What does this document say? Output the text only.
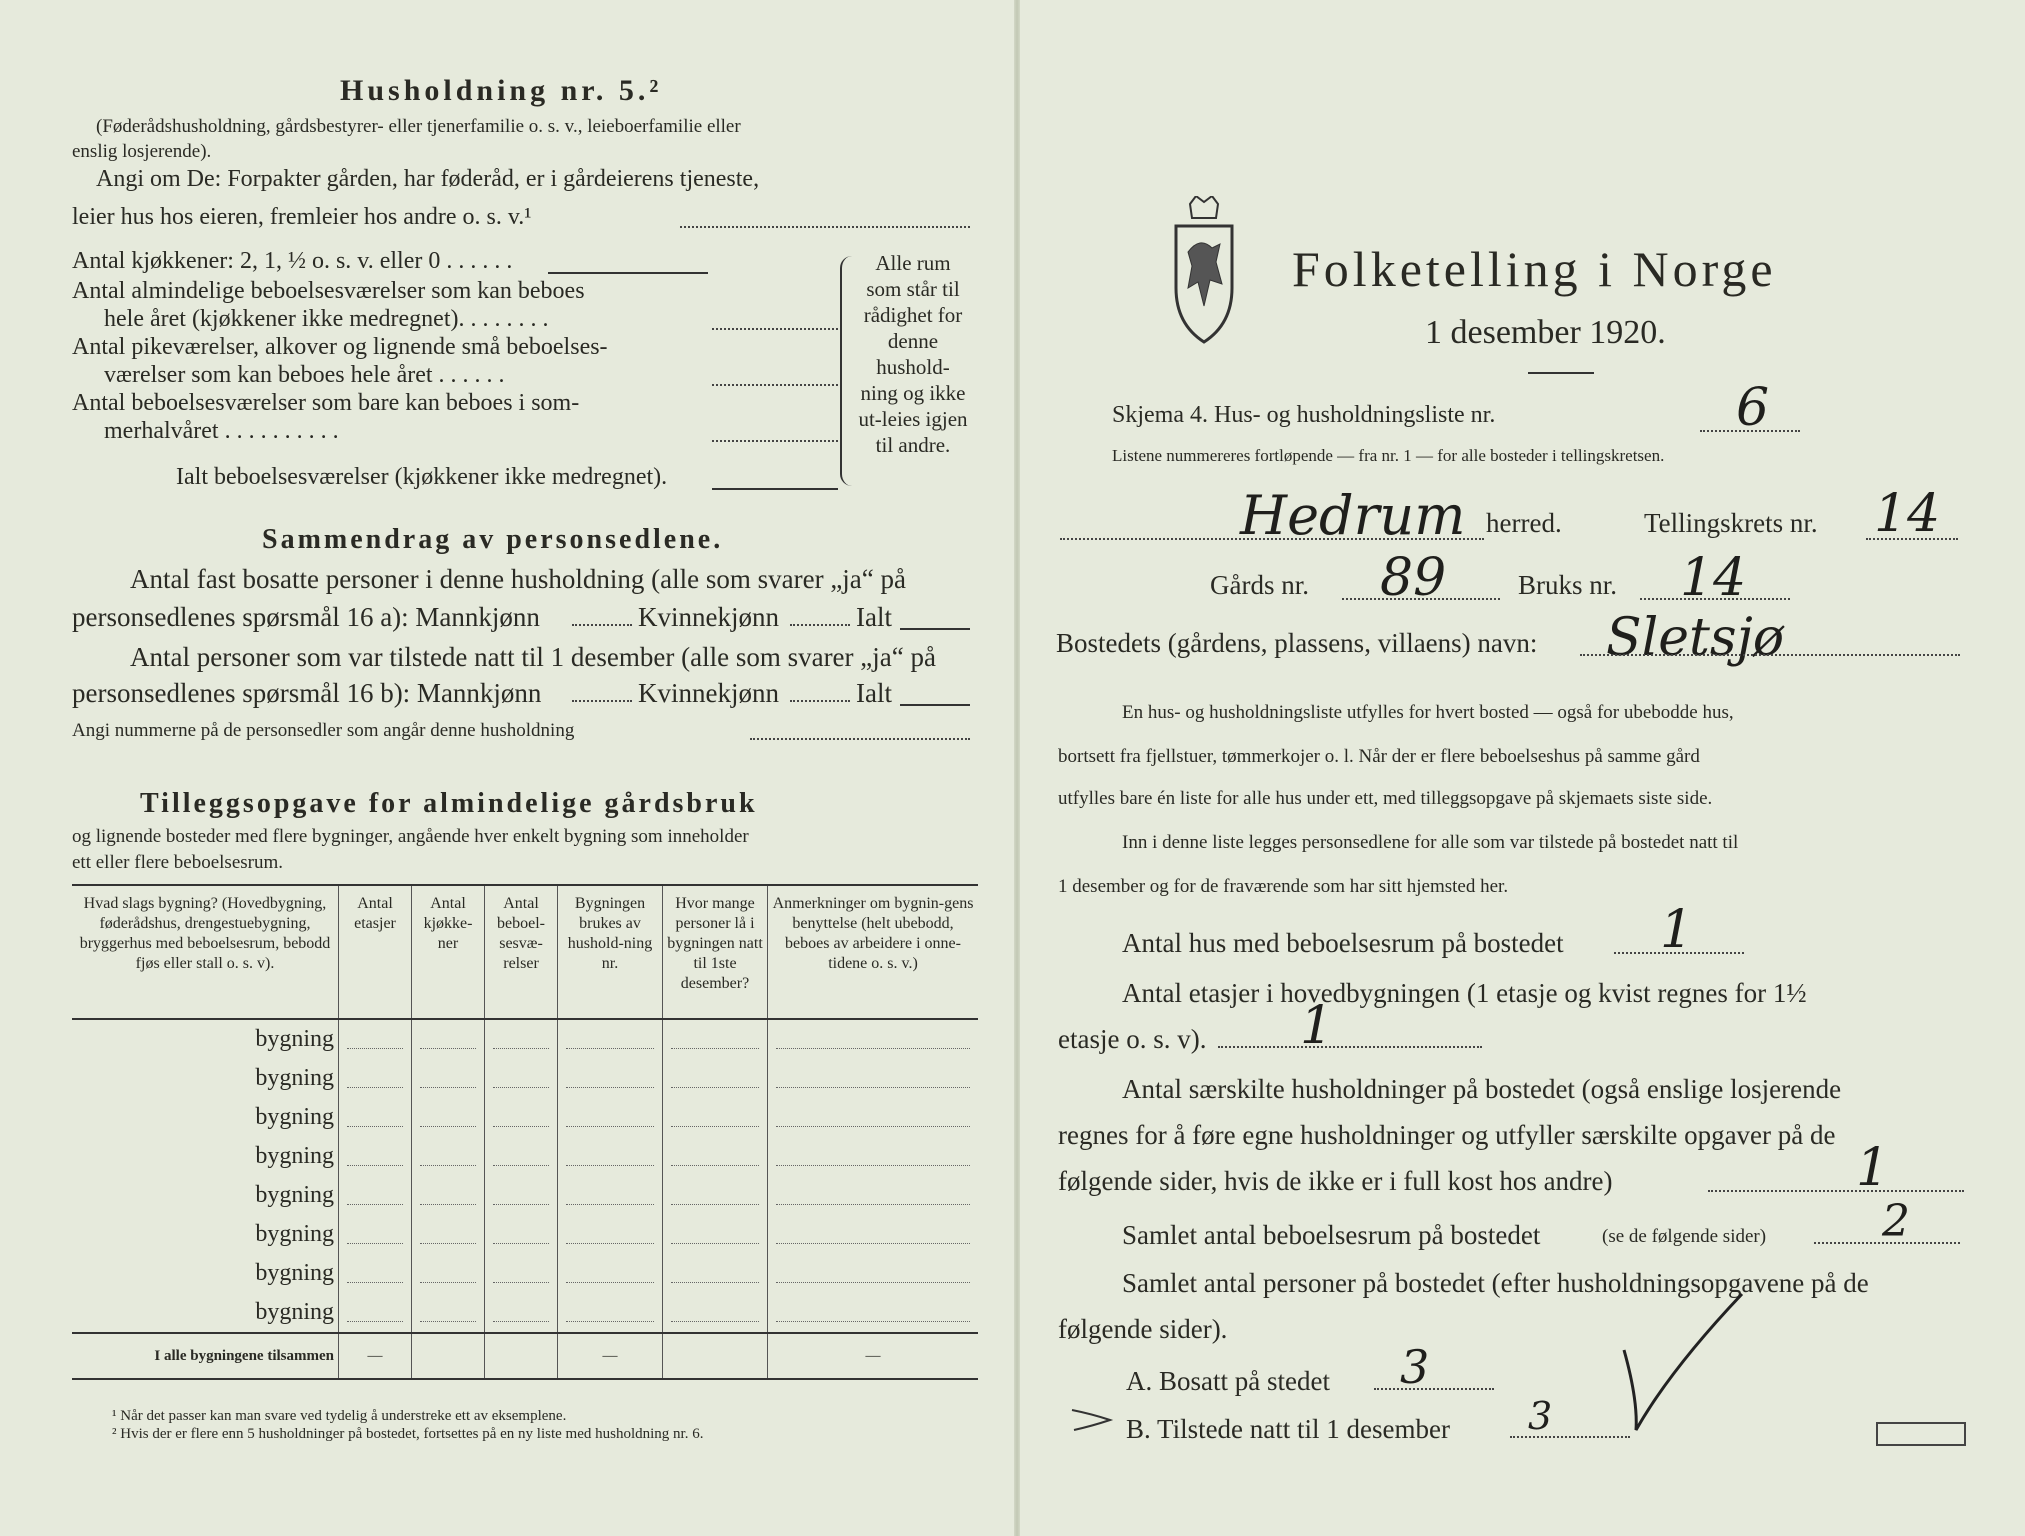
Husholdning nr. 5.²
(Føderådshusholdning, gårdsbestyrer- eller tjenerfamilie o. s. v., leieboerfamilie eller
enslig losjerende).
Angi om De: Forpakter gården, har føderåd, er i gårdeierens tjeneste,
leier hus hos eieren, fremleier hos andre o. s. v.¹
Antal kjøkkener: 2, 1, ½ o. s. v. eller 0 . . . . . .
Antal almindelige beboelsesværelser som kan beboes
hele året (kjøkkener ikke medregnet). . . . . . . .
Antal pikeværelser, alkover og lignende små beboelses-
værelser som kan beboes hele året . . . . . .
Antal beboelsesværelser som bare kan beboes i som-
merhalvåret . . . . . . . . . .
Ialt beboelsesværelser (kjøkkener ikke medregnet).
Alle rum som står til rådighet for denne hushold-ning og ikke ut-leies igjen til andre.
Sammendrag av personsedlene.
Antal fast bosatte personer i denne husholdning (alle som svarer „ja“ på
personsedlenes spørsmål 16 a): Mannkjønn	Kvinnekjønn	Ialt
Antal personer som var tilstede natt til 1 desember (alle som svarer „ja“ på
personsedlenes spørsmål 16 b): Mannkjønn	Kvinnekjønn	Ialt
Angi nummerne på de personsedler som angår denne husholdning
Tilleggsopgave for almindelige gårdsbruk
og lignende bosteder med flere bygninger, angående hver enkelt bygning som inneholder
ett eller flere beboelsesrum.
Hvad slags bygning? (Hovedbygning, føderådshus, drengestuebygning, bryggerhus med beboelsesrum, bebodd fjøs eller stall o. s. v).	Antal etasjer	Antal kjøkke-ner	Antal beboel-sesvæ-relser	Bygningen brukes av hushold-ning nr.	Hvor mange personer lå i bygningen natt til 1ste desember?	Anmerkninger om bygnin-gens benyttelse (helt ubebodd, beboes av arbeidere i onne-tidene o. s. v.)
bygning	

bygning	

bygning	

bygning	

bygning	

bygning	

bygning	

bygning	

I alle bygningene tilsammen	—			—		—
¹ Når det passer kan man svare ved tydelig å understreke ett av eksemplene.
² Hvis der er flere enn 5 husholdninger på bostedet, fortsettes på en ny liste med husholdning nr. 6.
Folketelling i Norge
1 desember 1920.
Skjema 4. Hus- og husholdningsliste nr.	6
Listene nummereres fortløpende — fra nr. 1 — for alle bosteder i tellingskretsen.
Hedrum herred.	Tellingskrets nr. 14
Gårds nr. 89	Bruks nr. 14
Bostedets (gårdens, plassens, villaens) navn: Sletsjø
En hus- og husholdningsliste utfylles for hvert bosted — også for ubebodde hus,
bortsett fra fjellstuer, tømmerkojer o. l. Når der er flere beboelseshus på samme gård
utfylles bare én liste for alle hus under ett, med tilleggsopgave på skjemaets siste side.
Inn i denne liste legges personsedlene for alle som var tilstede på bostedet natt til
1 desember og for de fraværende som har sitt hjemsted her.
Antal hus med beboelsesrum på bostedet 1
Antal etasjer i hovedbygningen (1 etasje og kvist regnes for 1½
etasje o. s. v). 1
Antal særskilte husholdninger på bostedet (også enslige losjerende
regnes for å føre egne husholdninger og utfyller særskilte opgaver på de
følgende sider, hvis de ikke er i full kost hos andre)	1
Samlet antal beboelsesrum på bostedet	(se de følgende sider)	2
Samlet antal personer på bostedet (efter husholdningsopgavene på de
følgende sider).
A. Bosatt på stedet 3
B. Tilstede natt til 1 desember 3
